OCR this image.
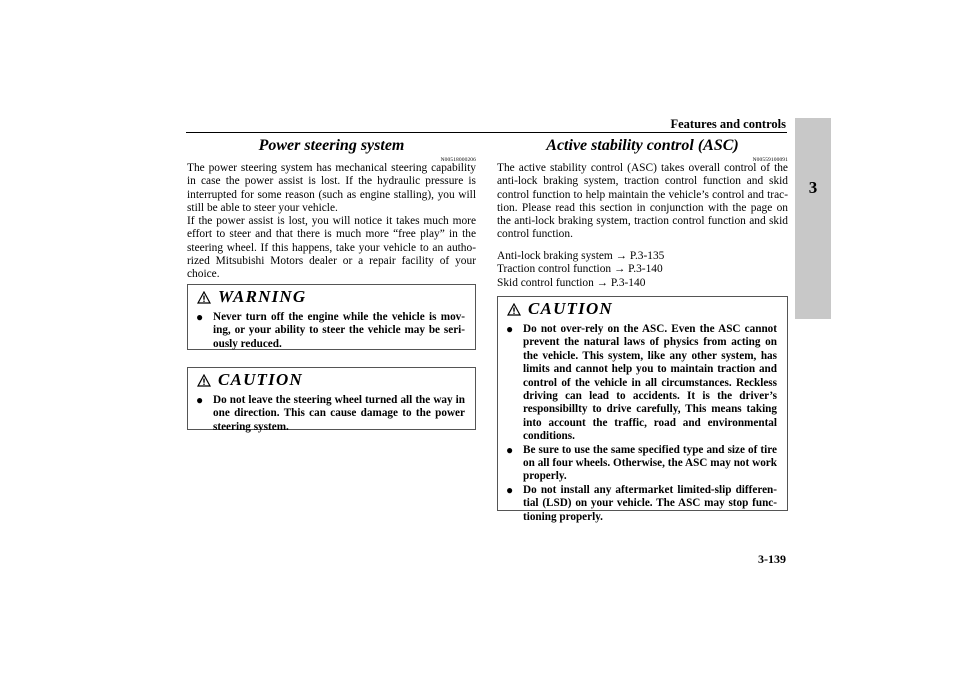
Features and controls
3
Power steering system
N00518000206

The power steering system has mechanical steering capability in case the power assist is lost. If the hydraulic pressure is interrupted for some reason (such as engine stalling), you will still be able to steer your vehicle.

If the power assist is lost, you will notice it takes much more effort to steer and that there is much more “free play” in the steering wheel. If this happens, take your vehicle to an autho-rized Mitsubishi Motors dealer or a repair facility of your choice.

WARNING
● Never turn off the engine while the vehicle is mov-ing, or your ability to steer the vehicle may be seri-ously reduced.
CAUTION
● Do not leave the steering wheel turned all the way in one direction. This can cause damage to the power steering system.
Active stability control (ASC)
N00559100091

The active stability control (ASC) takes overall control of the anti-lock braking system, traction control function and skid control function to help maintain the vehicle’s control and trac-tion. Please read this section in conjunction with the page on the anti-lock braking system, traction control function and skid control function.

Anti-lock braking system → P.3-135
Traction control function → P.3-140
Skid control function → P.3-140
CAUTION
● Do not over-rely on the ASC. Even the ASC cannot prevent the natural laws of physics from acting on the vehicle. This system, like any other system, has limits and cannot help you to maintain traction and control of the vehicle in all circumstances. Reckless driving can lead to accidents. It is the driver’s responsibillty to drive carefully, This means taking into account the traffic, road and environmental conditions.
● Be sure to use the same specified type and size of tire on all four wheels. Otherwise, the ASC may not work properly.
● Do not install any aftermarket limited-slip differen-tial (LSD) on your vehicle. The ASC may stop func-tioning properly.
3-139
